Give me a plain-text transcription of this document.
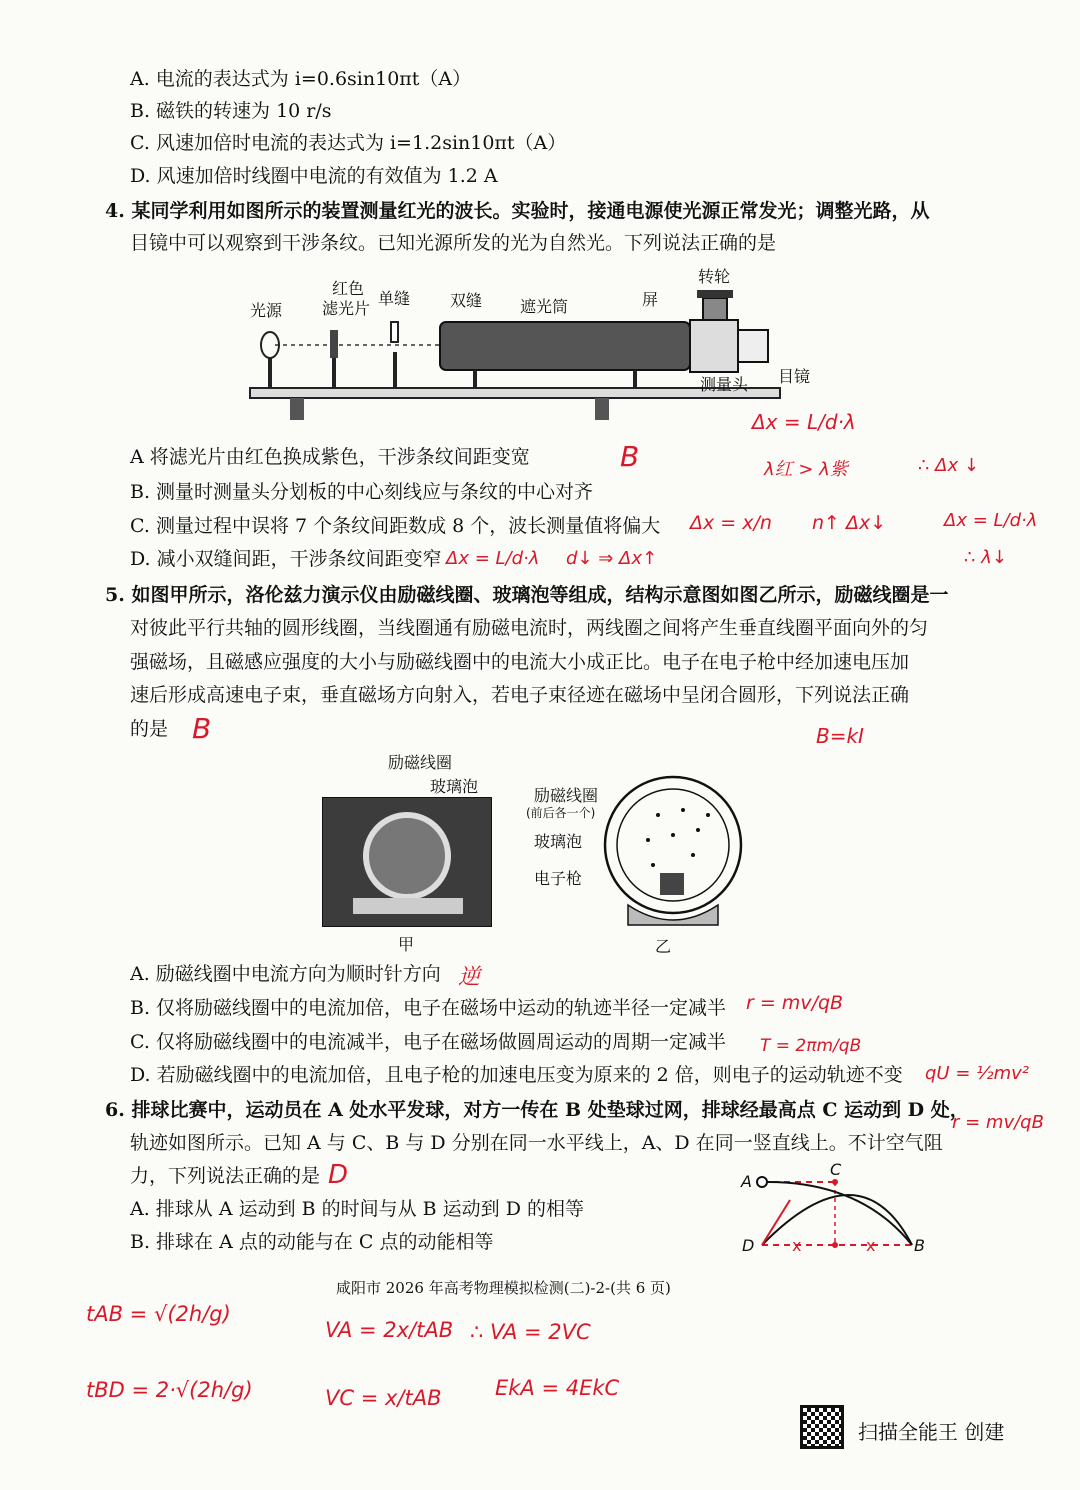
A. 电流的表达式为 i=0.6sin10πt（A）
B. 磁铁的转速为 10 r/s
C. 风速加倍时电流的表达式为 i=1.2sin10πt（A）
D. 风速加倍时线圈中电流的有效值为 1.2 A
4. 某同学利用如图所示的装置测量红光的波长。实验时，接通电源使光源正常发光；调整光路，从
目镜中可以观察到干涉条纹。已知光源所发的光为自然光。下列说法正确的是
光源
红色
滤光片
单缝 双缝 遮光筒	屏
转轮
测量头 目镜
A 将滤光片由红色换成紫色，干涉条纹间距变宽
B. 测量时测量头分划板的中心刻线应与条纹的中心对齐
C. 测量过程中误将 7 个条纹间距数成 8 个，波长测量值将偏大
D. 减小双缝间距，干涉条纹间距变窄
5. 如图甲所示，洛伦兹力演示仪由励磁线圈、玻璃泡等组成，结构示意图如图乙所示，励磁线圈是一
对彼此平行共轴的圆形线圈，当线圈通有励磁电流时，两线圈之间将产生垂直线圈平面向外的匀
强磁场，且磁感应强度的大小与励磁线圈中的电流大小成正比。电子在电子枪中经加速电压加
速后形成高速电子束，垂直磁场方向射入，若电子束径迹在磁场中呈闭合圆形，下列说法正确
的是
励磁线圈
玻璃泡
甲
励磁线圈
(前后各一个)
玻璃泡
电子枪
乙
A. 励磁线圈中电流方向为顺时针方向
B. 仅将励磁线圈中的电流加倍，电子在磁场中运动的轨迹半径一定减半
C. 仅将励磁线圈中的电流减半，电子在磁场做圆周运动的周期一定减半
D. 若励磁线圈中的电流加倍，且电子枪的加速电压变为原来的 2 倍，则电子的运动轨迹不变
6. 排球比赛中，运动员在 A 处水平发球，对方一传在 B 处垫球过网，排球经最高点 C 运动到 D 处，
轨迹如图所示。已知 A 与 C、B 与 D 分别在同一水平线上，A、D 在同一竖直线上。不计空气阻
力，下列说法正确的是
A. 排球从 A 运动到 B 的时间与从 B 运动到 D 的相等
B. 排球在 A 点的动能与在 C 点的动能相等
A
C
D	B
x	x
咸阳市 2026 年高考物理模拟检测(二)-2-(共 6 页)
B
Δx = L/d·λ
λ红 > λ紫	∴ Δx ↓
Δx = x/n n↑ Δx↓	Δx = L/d·λ
∴ λ↓
Δx = L/d·λ d↓ ⇒ Δx↑
B	B=kI
逆
r = mv/qB
T = 2πm/qB
qU = ½mv²
r = mv/qB
D
tAB = √(2h/g)
tBD = 2·√(2h/g)
VA = 2x/tAB ∴ VA = 2VC
VC = x/tAB	EkA = 4EkC
扫描全能王 创建
